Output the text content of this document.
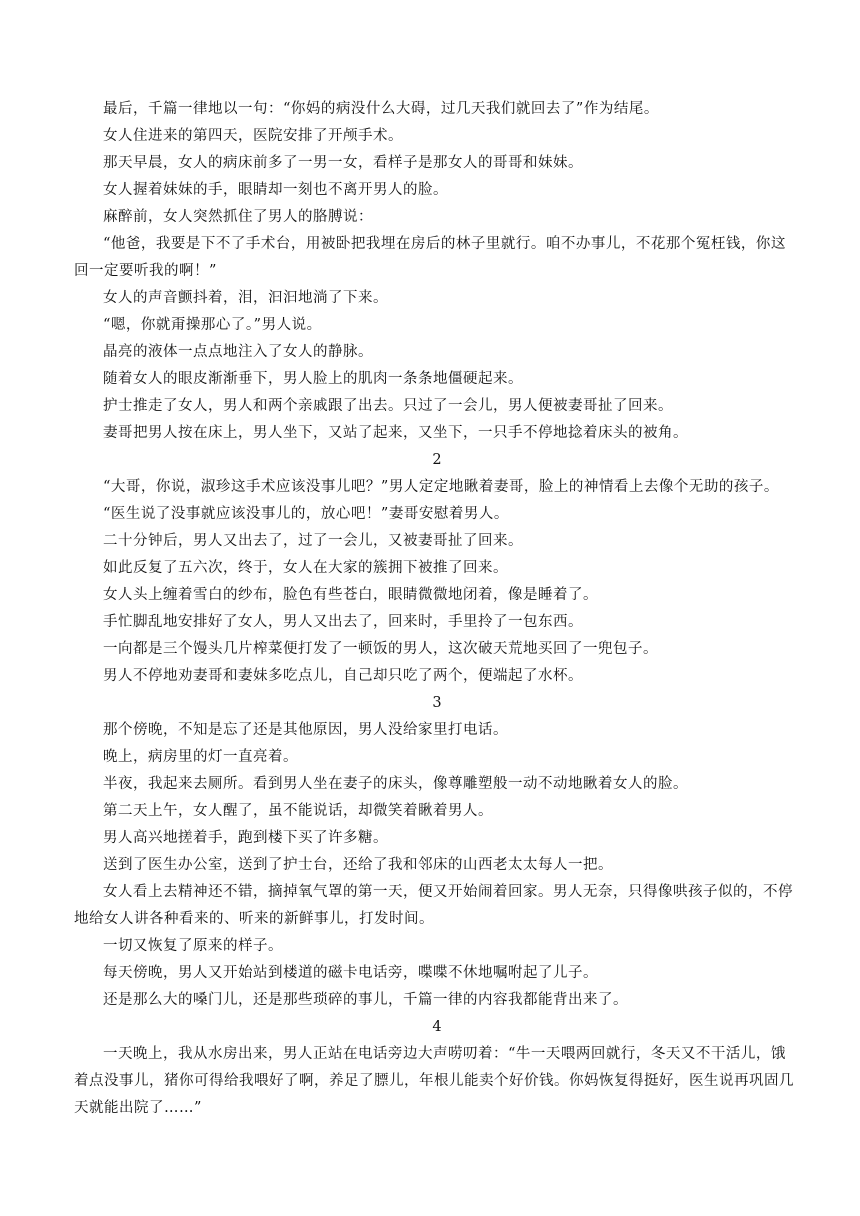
最后，千篇一律地以一句：“你妈的病没什么大碍，过几天我们就回去了”作为结尾。

女人住进来的第四天，医院安排了开颅手术。

那天早晨，女人的病床前多了一男一女，看样子是那女人的哥哥和妹妹。

女人握着妹妹的手，眼睛却一刻也不离开男人的脸。

麻醉前，女人突然抓住了男人的胳膊说：

“他爸，我要是下不了手术台，用被卧把我埋在房后的林子里就行。咱不办事儿，不花那个冤枉钱，你这回一定要听我的啊！”

女人的声音颤抖着，泪，汩汩地淌了下来。

“嗯，你就甭操那心了。”男人说。

晶亮的液体一点点地注入了女人的静脉。

随着女人的眼皮渐渐垂下，男人脸上的肌肉一条条地僵硬起来。

护士推走了女人，男人和两个亲戚跟了出去。只过了一会儿，男人便被妻哥扯了回来。

妻哥把男人按在床上，男人坐下，又站了起来，又坐下，一只手不停地捻着床头的被角。

2

“大哥，你说，淑珍这手术应该没事儿吧？”男人定定地瞅着妻哥，脸上的神情看上去像个无助的孩子。

“医生说了没事就应该没事儿的，放心吧！”妻哥安慰着男人。

二十分钟后，男人又出去了，过了一会儿，又被妻哥扯了回来。

如此反复了五六次，终于，女人在大家的簇拥下被推了回来。

女人头上缠着雪白的纱布，脸色有些苍白，眼睛微微地闭着，像是睡着了。

手忙脚乱地安排好了女人，男人又出去了，回来时，手里拎了一包东西。

一向都是三个馒头几片榨菜便打发了一顿饭的男人，这次破天荒地买回了一兜包子。

男人不停地劝妻哥和妻妹多吃点儿，自己却只吃了两个，便端起了水杯。

3

那个傍晚，不知是忘了还是其他原因，男人没给家里打电话。

晚上，病房里的灯一直亮着。

半夜，我起来去厕所。看到男人坐在妻子的床头，像尊雕塑般一动不动地瞅着女人的脸。

第二天上午，女人醒了，虽不能说话，却微笑着瞅着男人。

男人高兴地搓着手，跑到楼下买了许多糖。

送到了医生办公室，送到了护士台，还给了我和邻床的山西老太太每人一把。

女人看上去精神还不错，摘掉氧气罩的第一天，便又开始闹着回家。男人无奈，只得像哄孩子似的，不停地给女人讲各种看来的、听来的新鲜事儿，打发时间。

一切又恢复了原来的样子。

每天傍晚，男人又开始站到楼道的磁卡电话旁，喋喋不休地嘱咐起了儿子。

还是那么大的嗓门儿，还是那些琐碎的事儿，千篇一律的内容我都能背出来了。

4

一天晚上，我从水房出来，男人正站在电话旁边大声唠叨着：“牛一天喂两回就行，冬天又不干活儿，饿着点没事儿，猪你可得给我喂好了啊，养足了膘儿，年根儿能卖个好价钱。你妈恢复得挺好，医生说再巩固几天就能出院了……”
